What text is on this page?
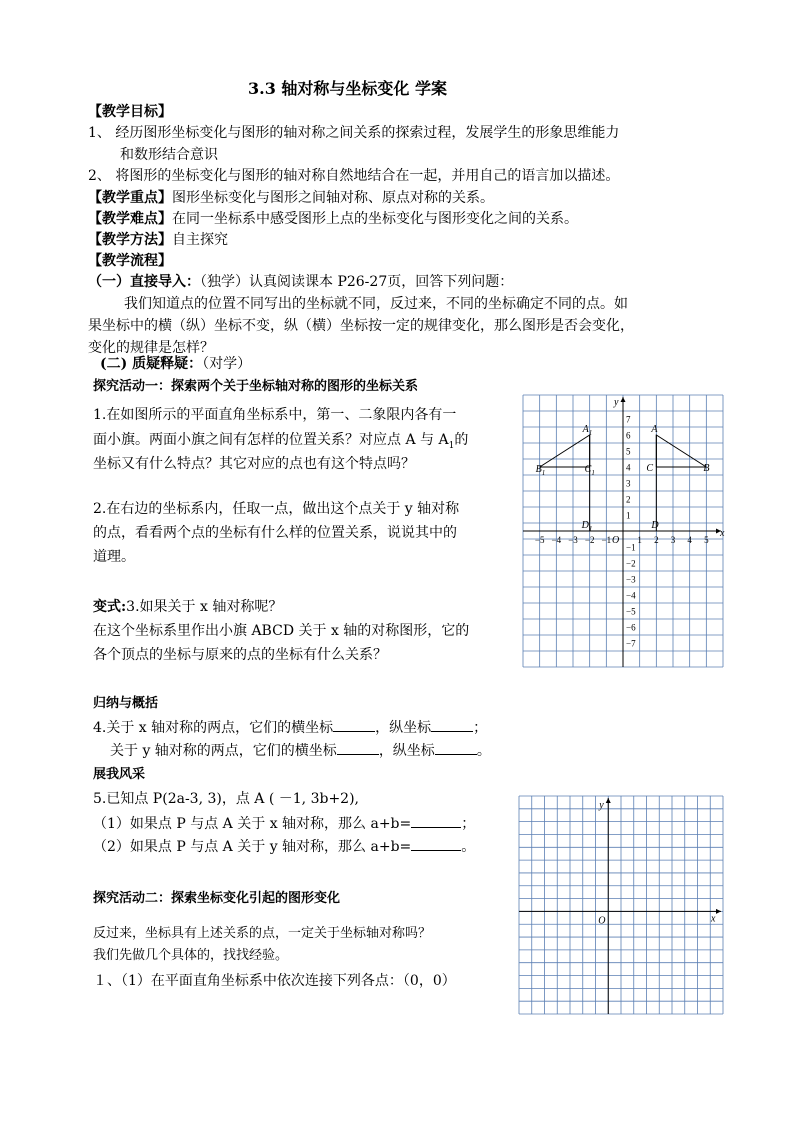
3.3 轴对称与坐标变化 学案
【教学目标】
1、 经历图形坐标变化与图形的轴对称之间关系的探索过程，发展学生的形象思维能力
和数形结合意识
2、 将图形的坐标变化与图形的轴对称自然地结合在一起，并用自己的语言加以描述。
【教学重点】图形坐标变化与图形之间轴对称、原点对称的关系。
【教学难点】在同一坐标系中感受图形上点的坐标变化与图形变化之间的关系。
【教学方法】自主探究
【教学流程】
（一）直接导入：（独学）认真阅读课本 P26-27页，回答下列问题：
我们知道点的位置不同写出的坐标就不同，反过来，不同的坐标确定不同的点。如
果坐标中的横（纵）坐标不变，纵（横）坐标按一定的规律变化，那么图形是否会变化，
变化的规律是怎样？
(二) 质疑释疑：（对学）
探究活动一：探索两个关于坐标轴对称的图形的坐标关系
1.在如图所示的平面直角坐标系中，第一、二象限内各有一
面小旗。两面小旗之间有怎样的位置关系？对应点 A 与 $A_1$的
坐标又有什么特点？其它对应的点也有这个特点吗？
2.在右边的坐标系内，任取一点，做出这个点关于 y 轴对称
的点，看看两个点的坐标有什么样的位置关系，说说其中的
道理。
变式:3.如果关于 x 轴对称呢？
在这个坐标系里作出小旗 ABCD 关于 x 轴的对称图形，它的
各个顶点的坐标与原来的点的坐标有什么关系？
x
y
O
−5 −4 −3 −2 −1	1 2 3 4 5
7
6
5
4
3
2
1
−1
−2
−3
−4
−5
−6
−7
A
B
C
D
$A_1$
$B_1$	$C_1$
$D_1$
归纳与概括
4.关于 x 轴对称的两点，它们的横坐标	，纵坐标	；
关于 y 轴对称的两点，它们的横坐标	，纵坐标	。
展我风采
5.已知点 P(2a-3, 3)，点 A ( －1, 3b+2),
（1）如果点 P 与点 A 关于 x 轴对称，那么 a+b=	；
（2）如果点 P 与点 A 关于 y 轴对称，那么 a+b=	。
探究活动二：探索坐标变化引起的图形变化
反过来，坐标具有上述关系的点，一定关于坐标轴对称吗？
我们先做几个具体的，找找经验。
１、（1）在平面直角坐标系中依次连接下列各点：（0，0）
x
y
O
